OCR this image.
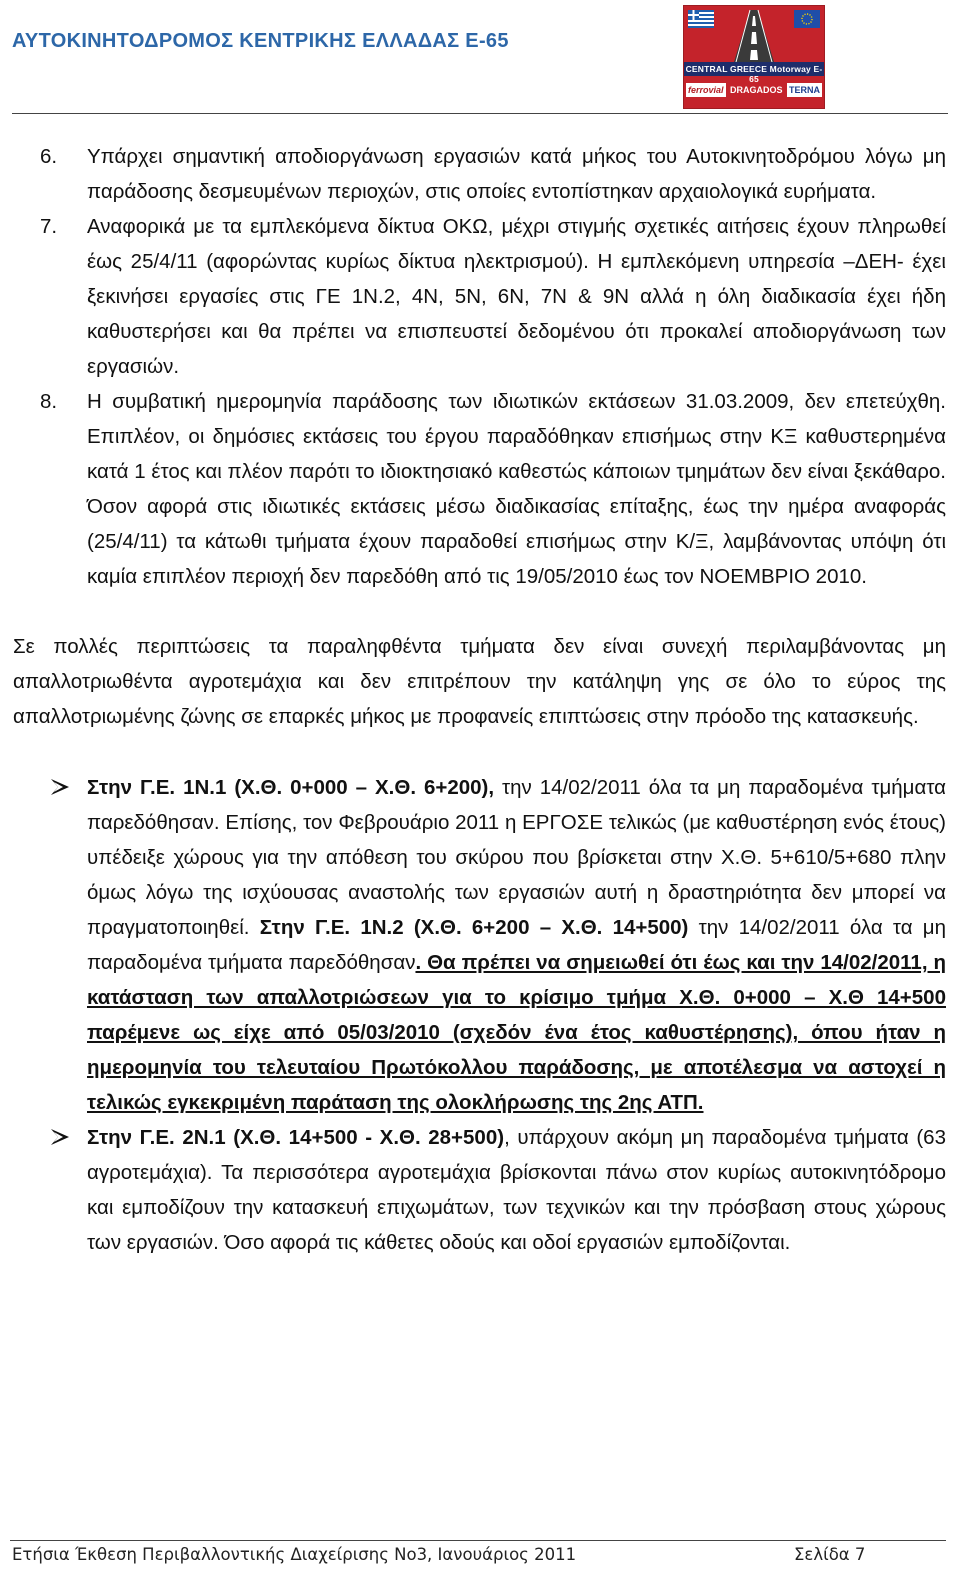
ΑΥΤΟΚΙΝΗΤΟΔΡΟΜΟΣ ΚΕΝΤΡΙΚΗΣ ΕΛΛΑΔΑΣ Ε-65
CENTRAL GREECE Motorway E-65
ferrovial DRAGADOS TERNA
6. Υπάρχει σημαντική αποδιοργάνωση εργασιών κατά μήκος του Αυτοκινητοδρόμου λόγω μη παράδοσης δεσμευμένων περιοχών, στις οποίες εντοπίστηκαν αρχαιολογικά ευρήματα.
7. Αναφορικά με τα εμπλεκόμενα δίκτυα ΟΚΩ, μέχρι στιγμής σχετικές αιτήσεις έχουν πληρωθεί έως 25/4/11 (αφορώντας κυρίως δίκτυα ηλεκτρισμού). Η εμπλεκόμενη υπηρεσία –ΔΕΗ- έχει ξεκινήσει εργασίες στις ΓΕ 1Ν.2, 4Ν, 5Ν, 6Ν, 7Ν & 9Ν αλλά η όλη διαδικασία έχει ήδη καθυστερήσει και θα πρέπει να επισπευστεί δεδομένου ότι προκαλεί αποδιοργάνωση των εργασιών.
8. Η συμβατική ημερομηνία παράδοσης των ιδιωτικών εκτάσεων 31.03.2009, δεν επετεύχθη. Επιπλέον, οι δημόσιες εκτάσεις του έργου παραδόθηκαν επισήμως στην ΚΞ καθυστερημένα κατά 1 έτος και πλέον παρότι το ιδιοκτησιακό καθεστώς κάποιων τμημάτων δεν είναι ξεκάθαρο. Όσον αφορά στις ιδιωτικές εκτάσεις μέσω διαδικασίας επίταξης, έως την ημέρα αναφοράς (25/4/11) τα κάτωθι τμήματα έχουν παραδοθεί επισήμως στην Κ/Ξ, λαμβάνοντας υπόψη ότι καμία επιπλέον περιοχή δεν παρεδόθη από τις 19/05/2010 έως τον ΝΟΕΜΒΡΙΟ 2010.
Σε πολλές περιπτώσεις τα παραληφθέντα τμήματα δεν είναι συνεχή περιλαμβάνοντας μη απαλλοτριωθέντα αγροτεμάχια και δεν επιτρέπουν την κατάληψη γης σε όλο το εύρος της απαλλοτριωμένης ζώνης σε επαρκές μήκος με προφανείς επιπτώσεις στην πρόοδο της κατασκευής.
Στην Γ.Ε. 1Ν.1 (Χ.Θ. 0+000 – Χ.Θ. 6+200), την 14/02/2011 όλα τα μη παραδομένα τμήματα παρεδόθησαν. Επίσης, τον Φεβρουάριο 2011 η ΕΡΓΟΣΕ τελικώς (με καθυστέρηση ενός έτους) υπέδειξε χώρους για την απόθεση του σκύρου που βρίσκεται στην Χ.Θ. 5+610/5+680 πλην όμως λόγω της ισχύουσας αναστολής των εργασιών αυτή η δραστηριότητα δεν μπορεί να πραγματοποιηθεί. Στην Γ.Ε. 1Ν.2 (Χ.Θ. 6+200 – Χ.Θ. 14+500) την 14/02/2011 όλα τα μη παραδομένα τμήματα παρεδόθησαν. Θα πρέπει να σημειωθεί ότι έως και την 14/02/2011, η κατάσταση των απαλλοτριώσεων για το κρίσιμο τμήμα Χ.Θ. 0+000 – Χ.Θ 14+500 παρέμενε ως είχε από 05/03/2010 (σχεδόν ένα έτος καθυστέρησης), όπου ήταν η ημερομηνία του τελευταίου Πρωτόκολλου παράδοσης, με αποτέλεσμα να αστοχεί η τελικώς εγκεκριμένη παράταση της ολοκλήρωσης της 2ης ΑΤΠ.
Στην Γ.Ε. 2Ν.1 (Χ.Θ. 14+500 - Χ.Θ. 28+500), υπάρχουν ακόμη μη παραδομένα τμήματα (63 αγροτεμάχια). Τα περισσότερα αγροτεμάχια βρίσκονται πάνω στον κυρίως αυτοκινητόδρομο και εμποδίζουν την κατασκευή επιχωμάτων, των τεχνικών και την πρόσβαση στους χώρους των εργασιών. Όσο αφορά τις κάθετες οδούς και οδοί εργασιών εμποδίζονται.
Ετήσια Έκθεση Περιβαλλοντικής Διαχείρισης Νο3, Ιανουάριος 2011	Σελίδα 7
